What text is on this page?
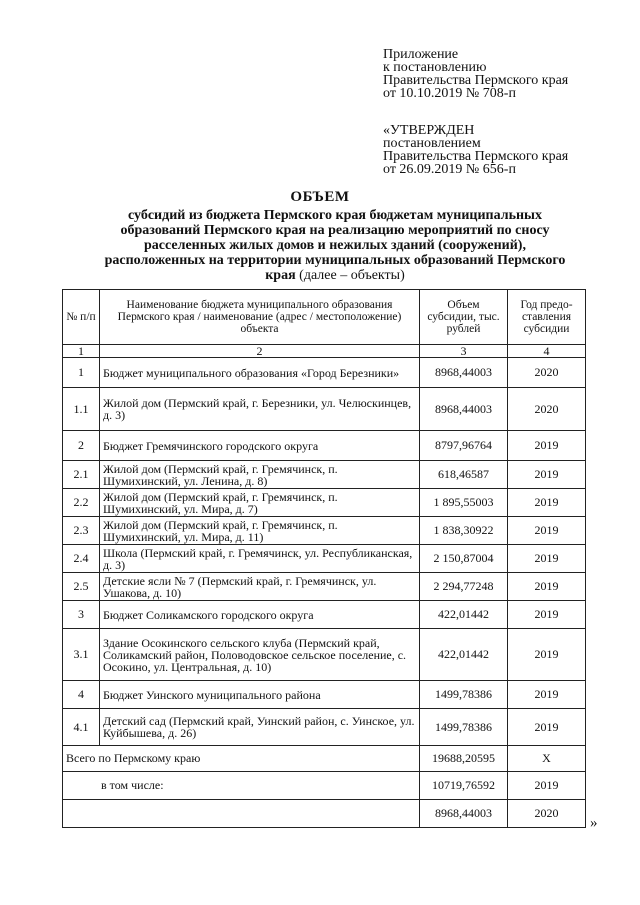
Приложение
к постановлению
Правительства Пермского края
от 10.10.2019 № 708-п
«УТВЕРЖДЕН
постановлением
Правительства Пермского края
от 26.09.2019 № 656-п
ОБЪЕМ
субсидий из бюджета Пермского края бюджетам муниципальных образований Пермского края на реализацию мероприятий по сносу расселенных жилых домов и нежилых зданий (сооружений), расположенных на территории муниципальных образований Пермского края (далее – объекты)
№ п/п	Наименование бюджета муниципального образования Пермского края / наименование (адрес / местоположение) объекта	Объем субсидии, тыс. рублей	Год предо-ставления субсидии
1	2	3	4
1	Бюджет муниципального образования «Город Березники»	8968,44003	2020
1.1	Жилой дом (Пермский край, г. Березники, ул. Челюскинцев, д. 3)	8968,44003	2020
2	Бюджет Гремячинского городского округа	8797,96764	2019
2.1	Жилой дом (Пермский край, г. Гремячинск, п. Шумихинский, ул. Ленина, д. 8)	618,46587	2019
2.2	Жилой дом (Пермский край, г. Гремячинск, п. Шумихинский, ул. Мира, д. 7)	1 895,55003	2019
2.3	Жилой дом (Пермский край, г. Гремячинск, п. Шумихинский, ул. Мира, д. 11)	1 838,30922	2019
2.4	Школа (Пермский край, г. Гремячинск, ул. Республиканская, д. 3)	2 150,87004	2019
2.5	Детские ясли № 7 (Пермский край, г. Гремячинск, ул. Ушакова, д. 10)	2 294,77248	2019
3	Бюджет Соликамского городского округа	422,01442	2019
3.1	Здание Осокинского сельского клуба (Пермский край, Соликамский район, Половодовское сельское поселение, с. Осокино, ул. Центральная, д. 10)	422,01442	2019
4	Бюджет Уинского муниципального района	1499,78386	2019
4.1	Детский сад (Пермский край, Уинский район, с. Уинское, ул. Куйбышева, д. 26)	1499,78386	2019
Всего по Пермскому краю		19688,20595	Х
в том числе:		10719,76592	2019
		8968,44003	2020
»
